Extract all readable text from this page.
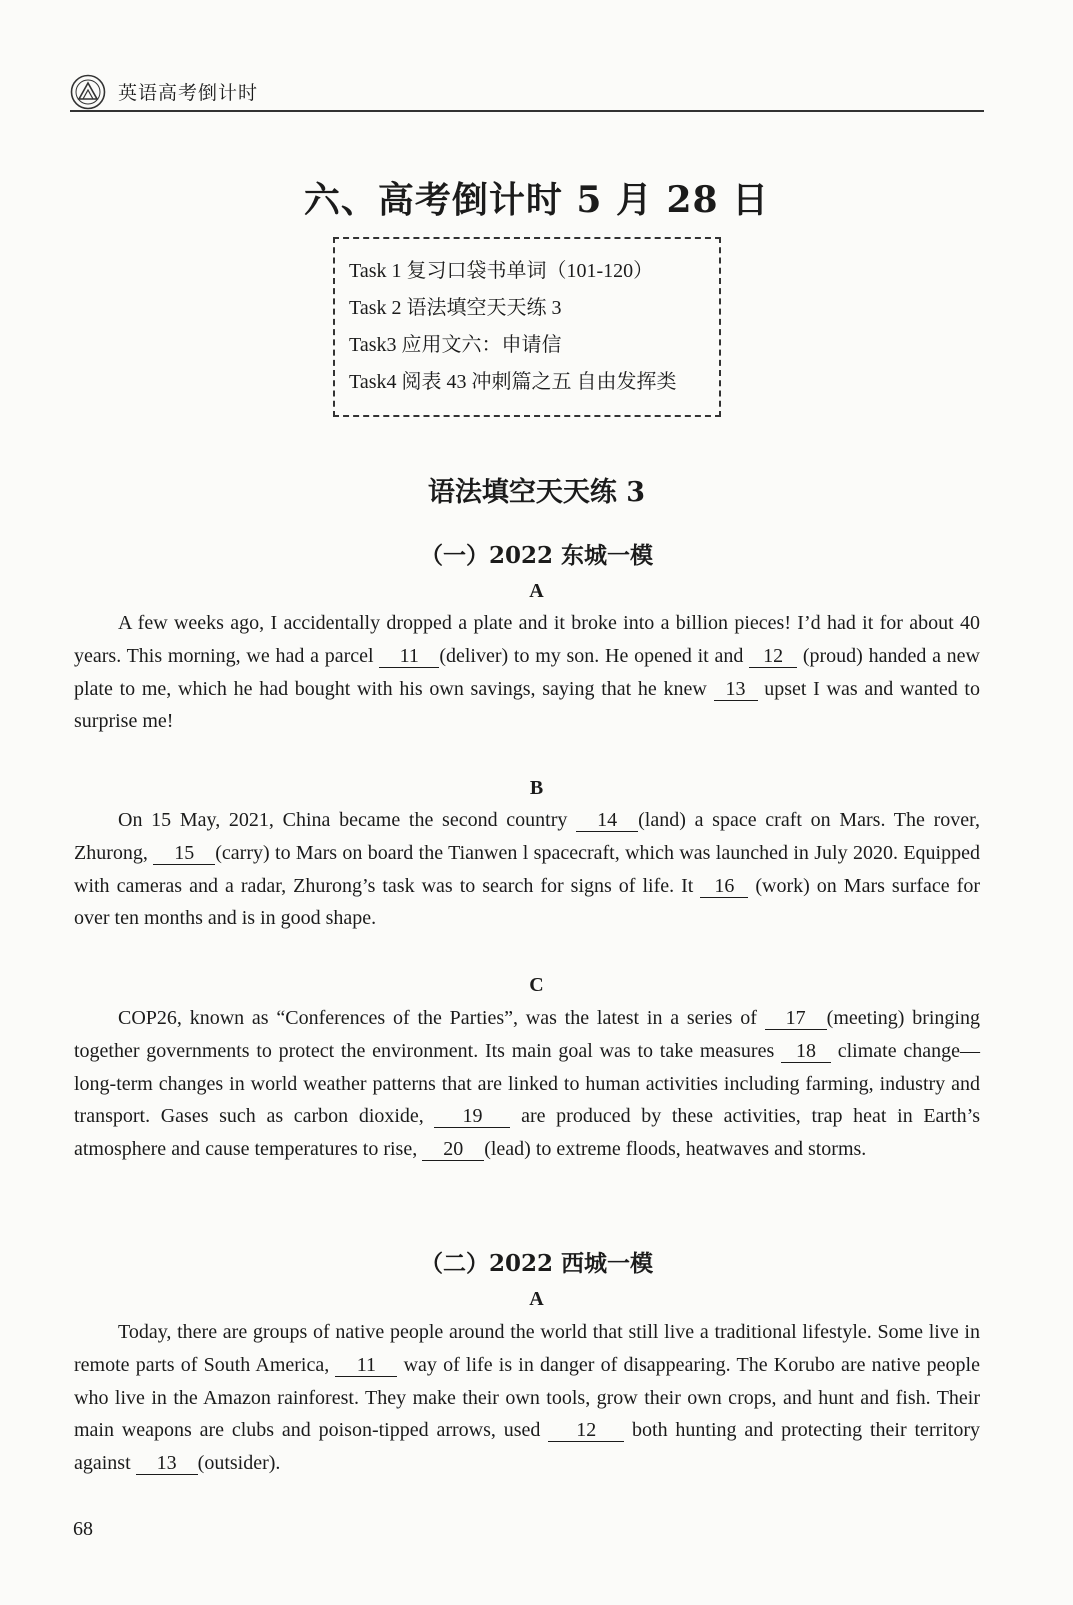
英语高考倒计时
六、高考倒计时 5 月 28 日
Task 1 复习口袋书单词（101-120）
Task 2 语法填空天天练 3
Task3 应用文六：申请信
Task4 阅表 43 冲刺篇之五 自由发挥类
语法填空天天练 3
（一）2022 东城一模
A

A few weeks ago, I accidentally dropped a plate and it broke into a billion pieces! I’d had it for about 40 years. This morning, we had a parcel 11 (deliver) to my son. He opened it and 12 (proud) handed a new plate to me, which he had bought with his own savings, saying that he knew 13 upset I was and wanted to surprise me!

B

On 15 May, 2021, China became the second country 14 (land) a space craft on Mars. The rover, Zhurong, 15 (carry) to Mars on board the Tianwen l spacecraft, which was launched in July 2020. Equipped with cameras and a radar, Zhurong’s task was to search for signs of life. It 16 (work) on Mars surface for over ten months and is in good shape.

C

COP26, known as “Conferences of the Parties”, was the latest in a series of 17 (meeting) bringing together governments to protect the environment. Its main goal was to take measures 18 climate change—long-term changes in world weather patterns that are linked to human activities including farming, industry and transport. Gases such as carbon dioxide, 19 are produced by these activities, trap heat in Earth’s atmosphere and cause temperatures to rise, 20 (lead) to extreme floods, heatwaves and storms.

（二）2022 西城一模
A

Today, there are groups of native people around the world that still live a traditional lifestyle. Some live in remote parts of South America, 11 way of life is in danger of disappearing. The Korubo are native people who live in the Amazon rainforest. They make their own tools, grow their own crops, and hunt and fish. Their main weapons are clubs and poison-tipped arrows, used 12 both hunting and protecting their territory against 13 (outsider).

68
